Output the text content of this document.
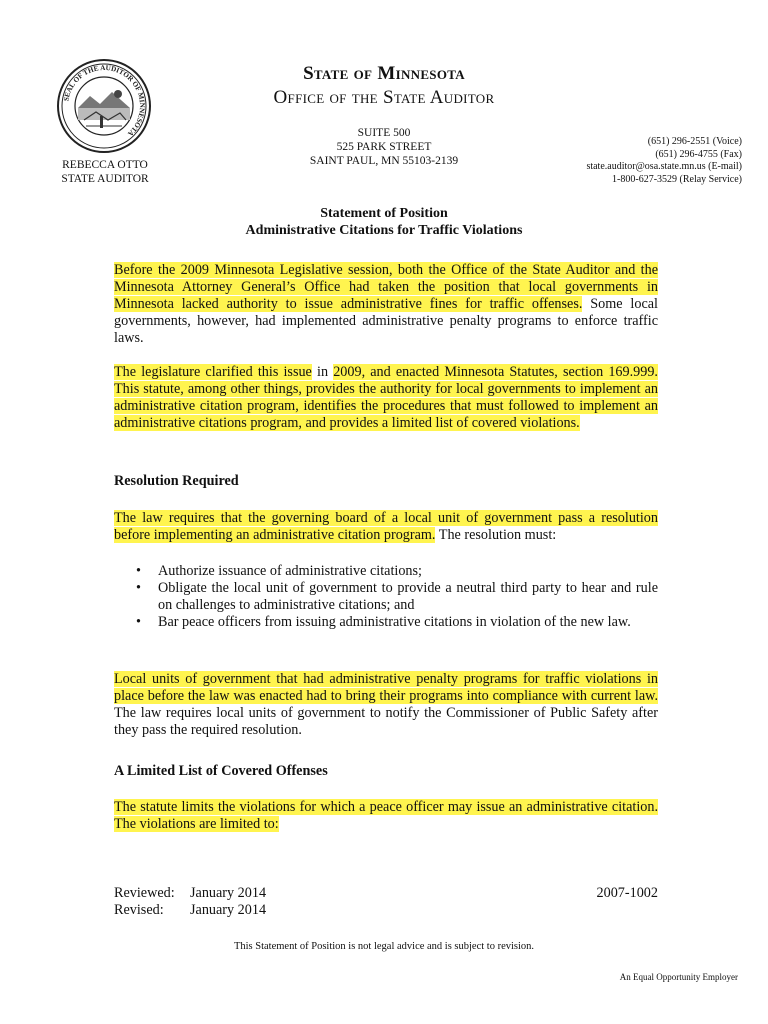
SEAL OF THE AUDITOR OF MINNESOTA
REBECCA OTTO
STATE AUDITOR
State of Minnesota
Office of the State Auditor
SUITE 500
525 PARK STREET
SAINT PAUL, MN 55103-2139
(651) 296-2551 (Voice)
(651) 296-4755 (Fax)
state.auditor@osa.state.mn.us (E-mail)
1-800-627-3529 (Relay Service)
Statement of Position
Administrative Citations for Traffic Violations
Before the 2009 Minnesota Legislative session, both the Office of the State Auditor and the Minnesota Attorney General’s Office had taken the position that local governments in Minnesota lacked authority to issue administrative fines for traffic offenses. Some local governments, however, had implemented administrative penalty programs to enforce traffic laws.
The legislature clarified this issue in 2009, and enacted Minnesota Statutes, section 169.999. This statute, among other things, provides the authority for local governments to implement an administrative citation program, identifies the procedures that must followed to implement an administrative citations program, and provides a limited list of covered violations.
Resolution Required
The law requires that the governing board of a local unit of government pass a resolution before implementing an administrative citation program. The resolution must:
• Authorize issuance of administrative citations;
• Obligate the local unit of government to provide a neutral third party to hear and rule on challenges to administrative citations; and
• Bar peace officers from issuing administrative citations in violation of the new law.
Local units of government that had administrative penalty programs for traffic violations in place before the law was enacted had to bring their programs into compliance with current law. The law requires local units of government to notify the Commissioner of Public Safety after they pass the required resolution.
A Limited List of Covered Offenses
The statute limits the violations for which a peace officer may issue an administrative citation. The violations are limited to:
Reviewed: January 2014
Revised: January 2014
2007-1002
This Statement of Position is not legal advice and is subject to revision.
An Equal Opportunity Employer
